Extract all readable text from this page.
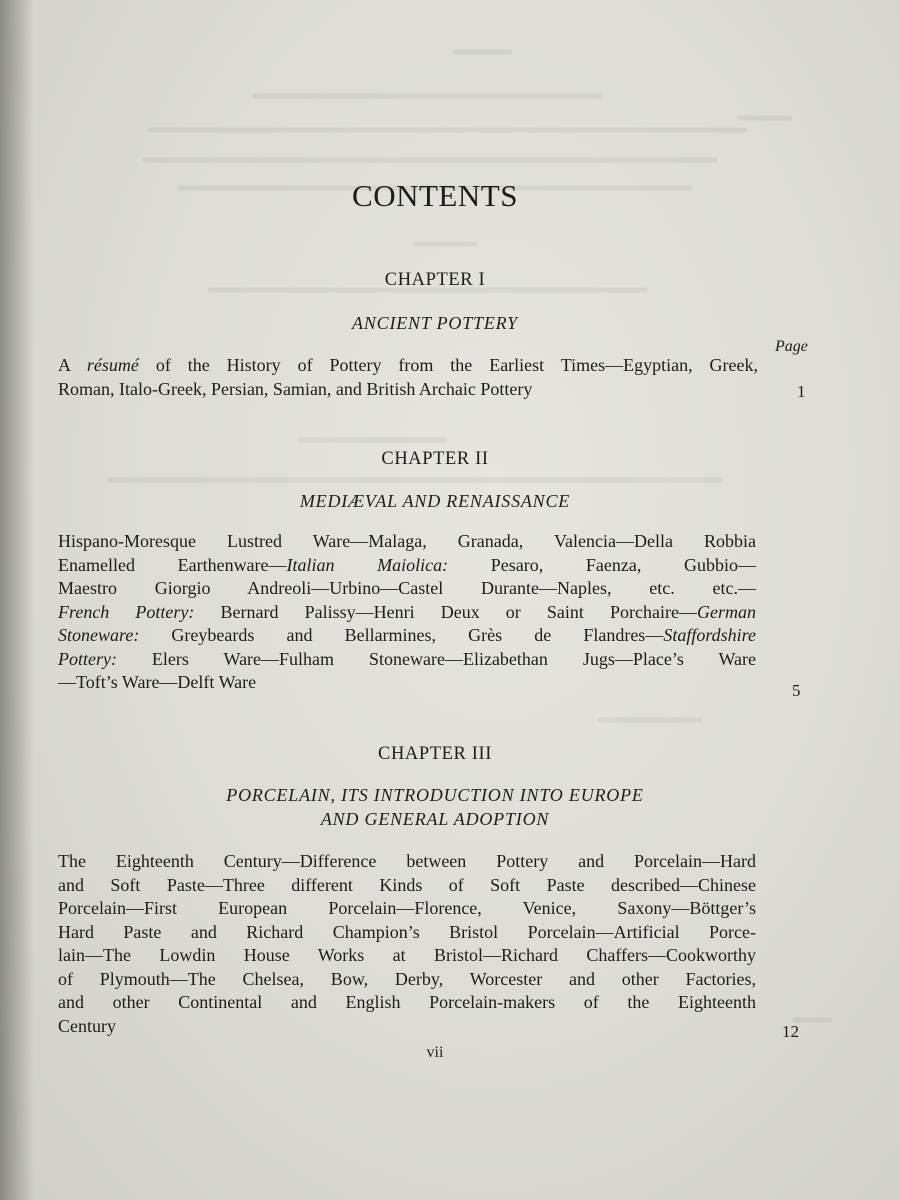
CONTENTS
Page
CHAPTER I
ANCIENT POTTERY
A résumé of the History of Pottery from the Earliest Times—Egyptian, Greek,
Roman, Italo-Greek, Persian, Samian, and British Archaic Pottery	1
CHAPTER II
MEDIÆVAL AND RENAISSANCE
Hispano-Moresque Lustred Ware—Malaga, Granada, Valencia—Della Robbia
Enamelled Earthenware—Italian Maiolica: Pesaro, Faenza, Gubbio—
Maestro Giorgio Andreoli—Urbino—Castel Durante—Naples, etc. etc.—
French Pottery: Bernard Palissy—Henri Deux or Saint Porchaire—German
Stoneware: Greybeards and Bellarmines, Grès de Flandres—Staffordshire
Pottery: Elers Ware—Fulham Stoneware—Elizabethan Jugs—Place’s Ware
—Toft’s Ware—Delft Ware	5
CHAPTER III
PORCELAIN, ITS INTRODUCTION INTO EUROPE
AND GENERAL ADOPTION
The Eighteenth Century—Difference between Pottery and Porcelain—Hard
and Soft Paste—Three different Kinds of Soft Paste described—Chinese
Porcelain—First European Porcelain—Florence, Venice, Saxony—Böttger’s
Hard Paste and Richard Champion’s Bristol Porcelain—Artificial Porce-
lain—The Lowdin House Works at Bristol—Richard Chaffers—Cookworthy
of Plymouth—The Chelsea, Bow, Derby, Worcester and other Factories,
and other Continental and English Porcelain-makers of the Eighteenth
Century	12
vii
